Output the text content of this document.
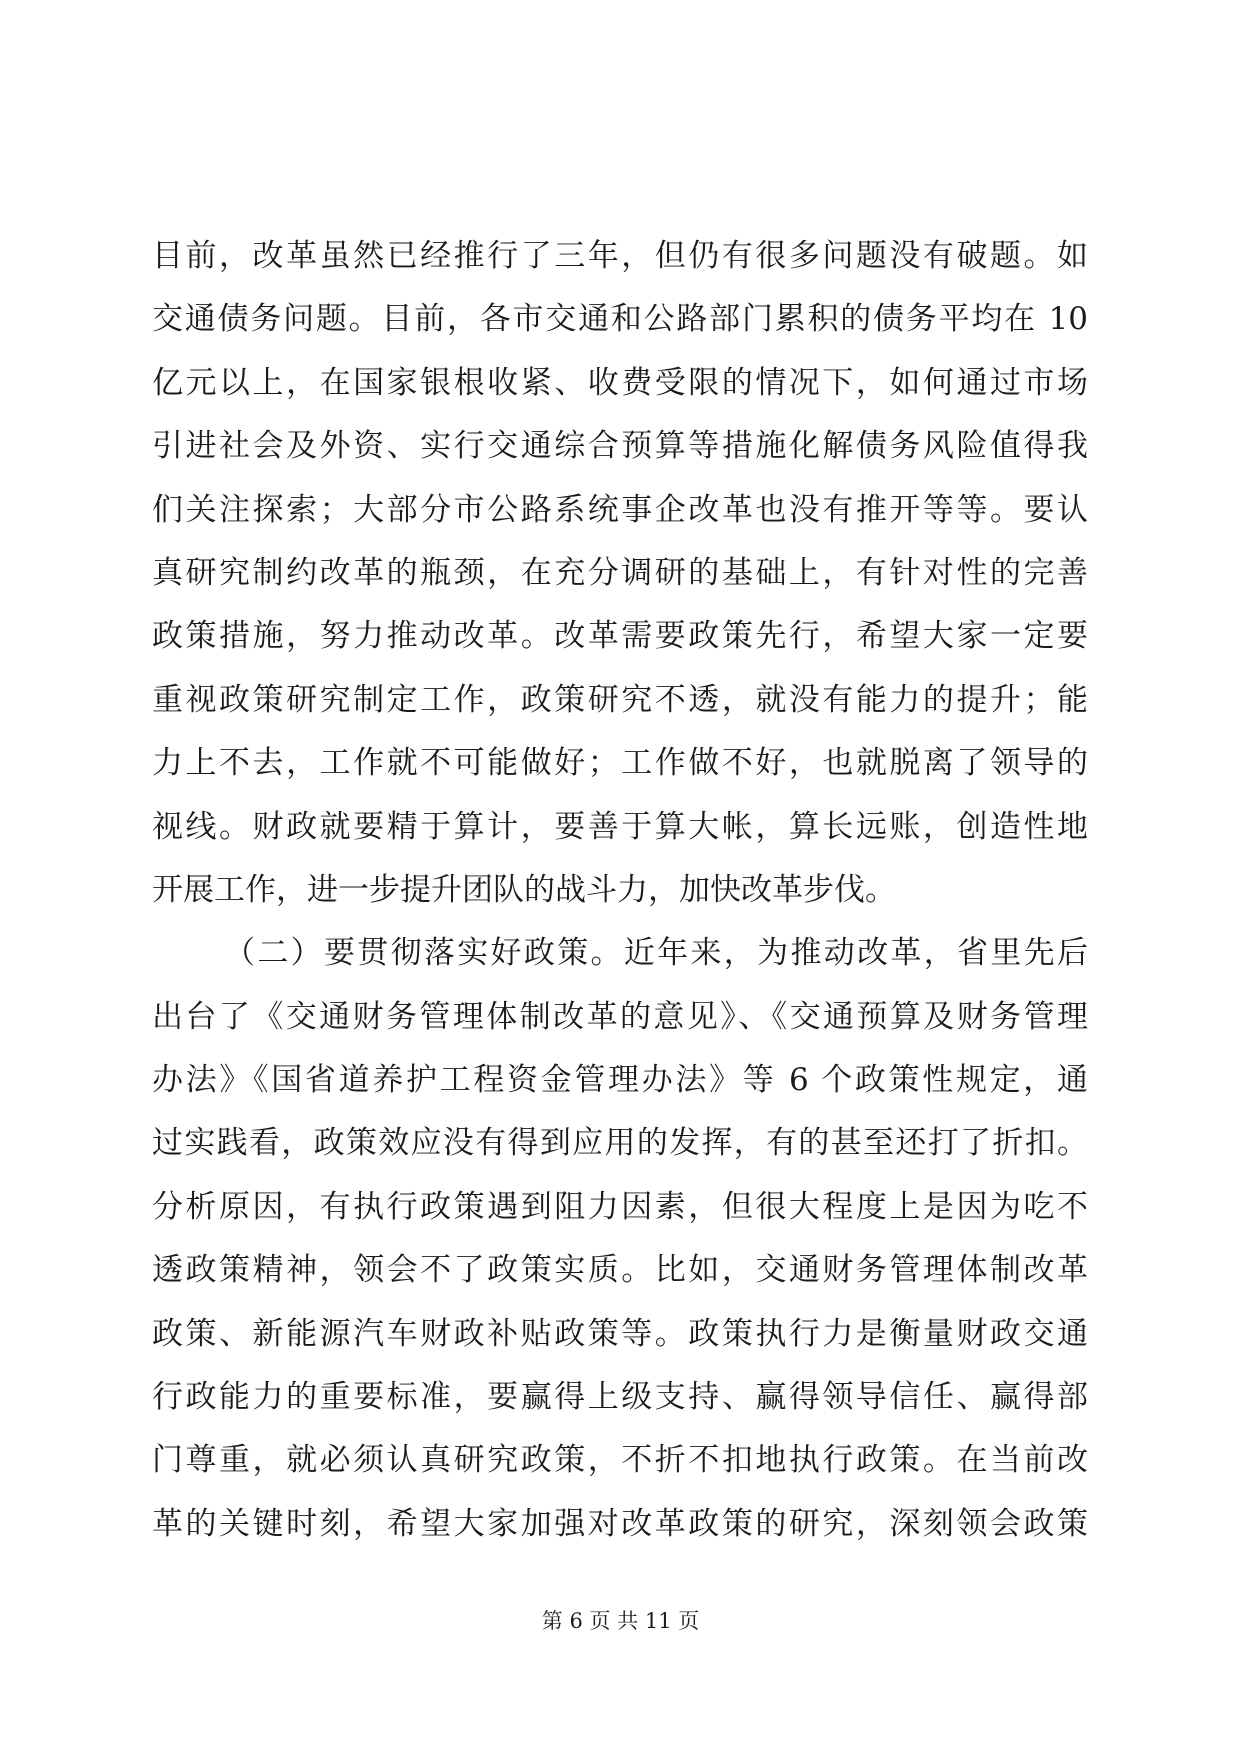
目前，改革虽然已经推行了三年，但仍有很多问题没有破题。如
交通债务问题。目前，各市交通和公路部门累积的债务平均在 10
亿元以上，在国家银根收紧、收费受限的情况下，如何通过市场
引进社会及外资、实行交通综合预算等措施化解债务风险值得我
们关注探索；大部分市公路系统事企改革也没有推开等等。要认
真研究制约改革的瓶颈，在充分调研的基础上，有针对性的完善
政策措施，努力推动改革。改革需要政策先行，希望大家一定要
重视政策研究制定工作，政策研究不透，就没有能力的提升；能
力上不去，工作就不可能做好；工作做不好，也就脱离了领导的
视线。财政就要精于算计，要善于算大帐，算长远账，创造性地
开展工作，进一步提升团队的战斗力，加快改革步伐。
（二）要贯彻落实好政策。近年来，为推动改革，省里先后
出台了《交通财务管理体制改革的意见》、《交通预算及财务管理
办法》《国省道养护工程资金管理办法》等 6 个政策性规定，通
过实践看，政策效应没有得到应用的发挥，有的甚至还打了折扣。
分析原因，有执行政策遇到阻力因素，但很大程度上是因为吃不
透政策精神，领会不了政策实质。比如，交通财务管理体制改革
政策、新能源汽车财政补贴政策等。政策执行力是衡量财政交通
行政能力的重要标准，要赢得上级支持、赢得领导信任、赢得部
门尊重，就必须认真研究政策，不折不扣地执行政策。在当前改
革的关键时刻，希望大家加强对改革政策的研究，深刻领会政策
第 6 页 共 11 页
